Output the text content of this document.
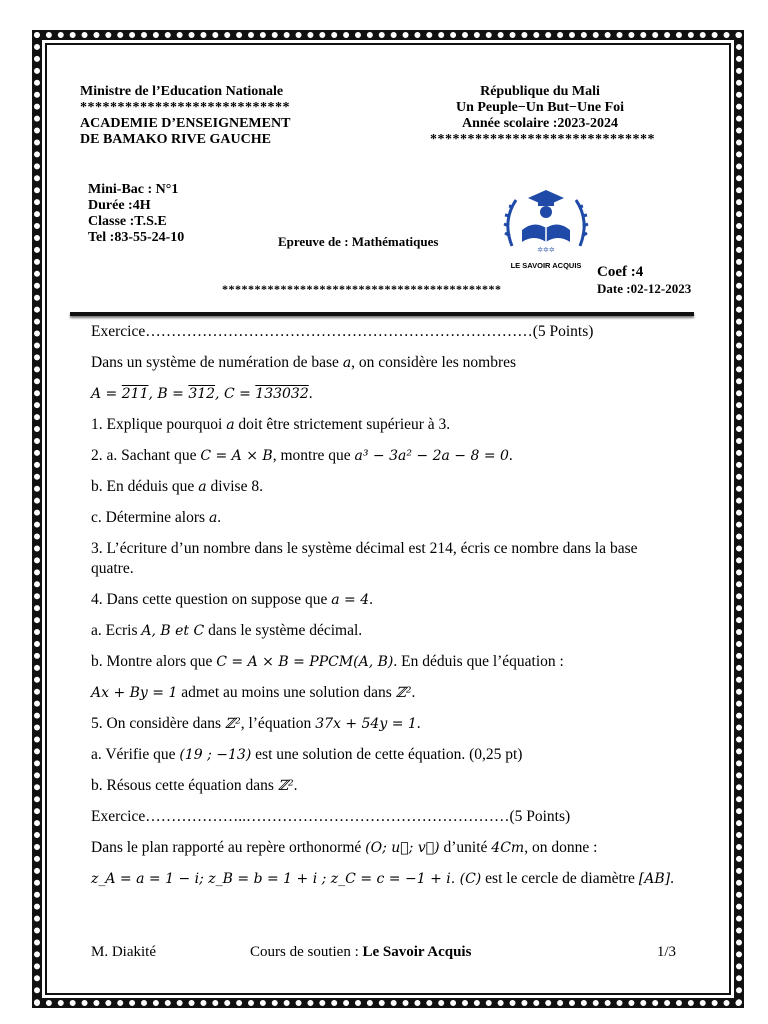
Ministre de l’Education Nationale
****************************
ACADEMIE D’ENSEIGNEMENT
DE BAMAKO RIVE GAUCHE
République du Mali
Un Peuple−Un But−Une Foi
Année scolaire :2023-2024
******************************
Mini-Bac : N°1
Durée :4H
Classe :T.S.E
Tel :83-55-24-10	Epreuve de : Mathématiques
✶✶✶
LE SAVOIR ACQUIS Coef :4
Date :02-12-2023
*******************************************

Exercice…………………………………………………………………(5 Points)

Dans un système de numération de base a, on considère les nombres

A = 211, B = 312, C = 133032.

1. Explique pourquoi a doit être strictement supérieur à 3.

2. a. Sachant que C = A × B, montre que a³ − 3a² − 2a − 8 = 0.

b. En déduis que a divise 8.

c. Détermine alors a.

3. L’écriture d’un nombre dans le système décimal est 214, écris ce nombre dans la base quatre.

4. Dans cette question on suppose que a = 4.

a. Ecris A, B et C dans le système décimal.

b. Montre alors que C = A × B = PPCM(A, B). En déduis que l’équation :

Ax + By = 1 admet au moins une solution dans ℤ².

5. On considère dans ℤ², l’équation 37x + 54y = 1.

a. Vérifie que (19 ; −13) est une solution de cette équation. (0,25 pt)

b. Résous cette équation dans ℤ².

Exercice………………..……………………………………………(5 Points)

Dans le plan rapporté au repère orthonormé (O; u⃗; v⃗) d’unité 4Cm, on donne :

z_A = a = 1 − i; z_B = b = 1 + i ; z_C = c = −1 + i. (C) est le cercle de diamètre [AB].

M. Diakité	Cours de soutien : Le Savoir Acquis	1/3
